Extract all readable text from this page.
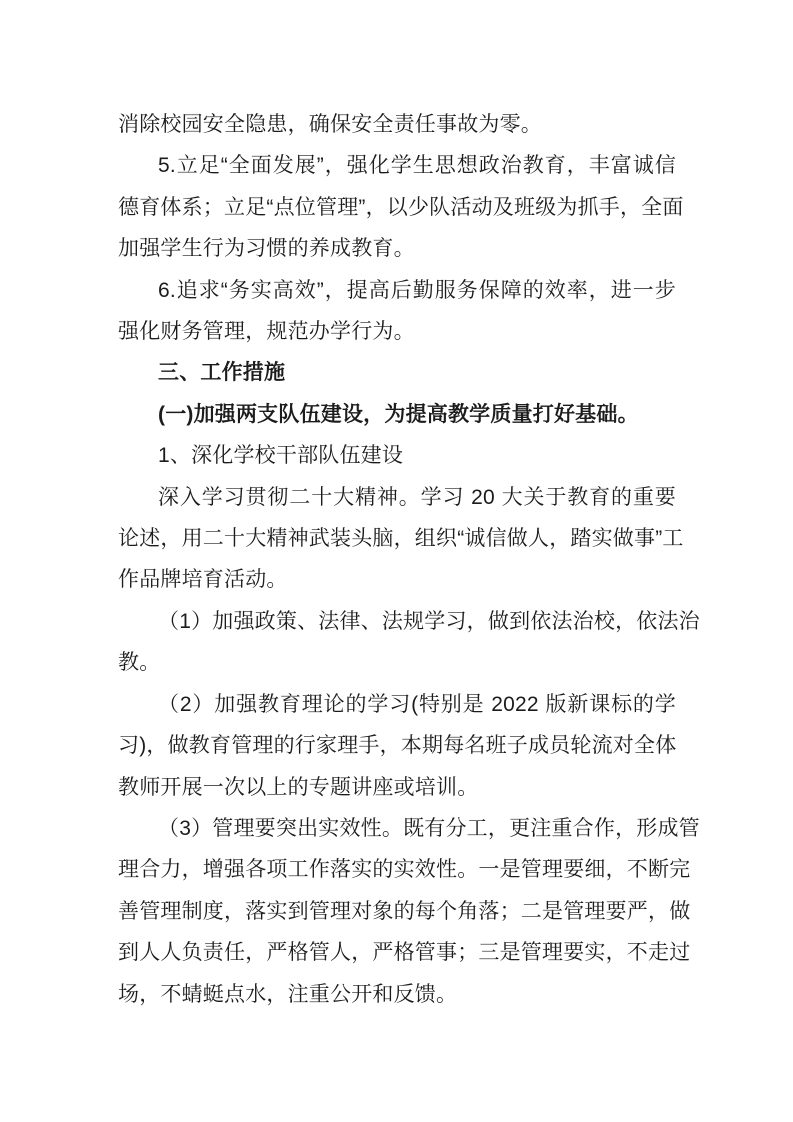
消除校园安全隐患，确保安全责任事故为零。
5.立足“全面发展”，强化学生思想政治教育，丰富诚信
德育体系；立足“点位管理”，以少队活动及班级为抓手，全面
加强学生行为习惯的养成教育。
6.追求“务实高效”，提高后勤服务保障的效率，进一步
强化财务管理，规范办学行为。
三、工作措施
(一)加强两支队伍建设，为提高教学质量打好基础。
1、深化学校干部队伍建设
深入学习贯彻二十大精神。学习 20 大关于教育的重要
论述，用二十大精神武装头脑，组织“诚信做人，踏实做事”工
作品牌培育活动。
（1）加强政策、法律、法规学习，做到依法治校，依法治
教。
（2）加强教育理论的学习(特别是 2022 版新课标的学
习)，做教育管理的行家理手，本期每名班子成员轮流对全体
教师开展一次以上的专题讲座或培训。
（3）管理要突出实效性。既有分工，更注重合作，形成管
理合力，增强各项工作落实的实效性。一是管理要细，不断完
善管理制度，落实到管理对象的每个角落；二是管理要严，做
到人人负责任，严格管人，严格管事；三是管理要实，不走过
场，不蜻蜓点水，注重公开和反馈。
